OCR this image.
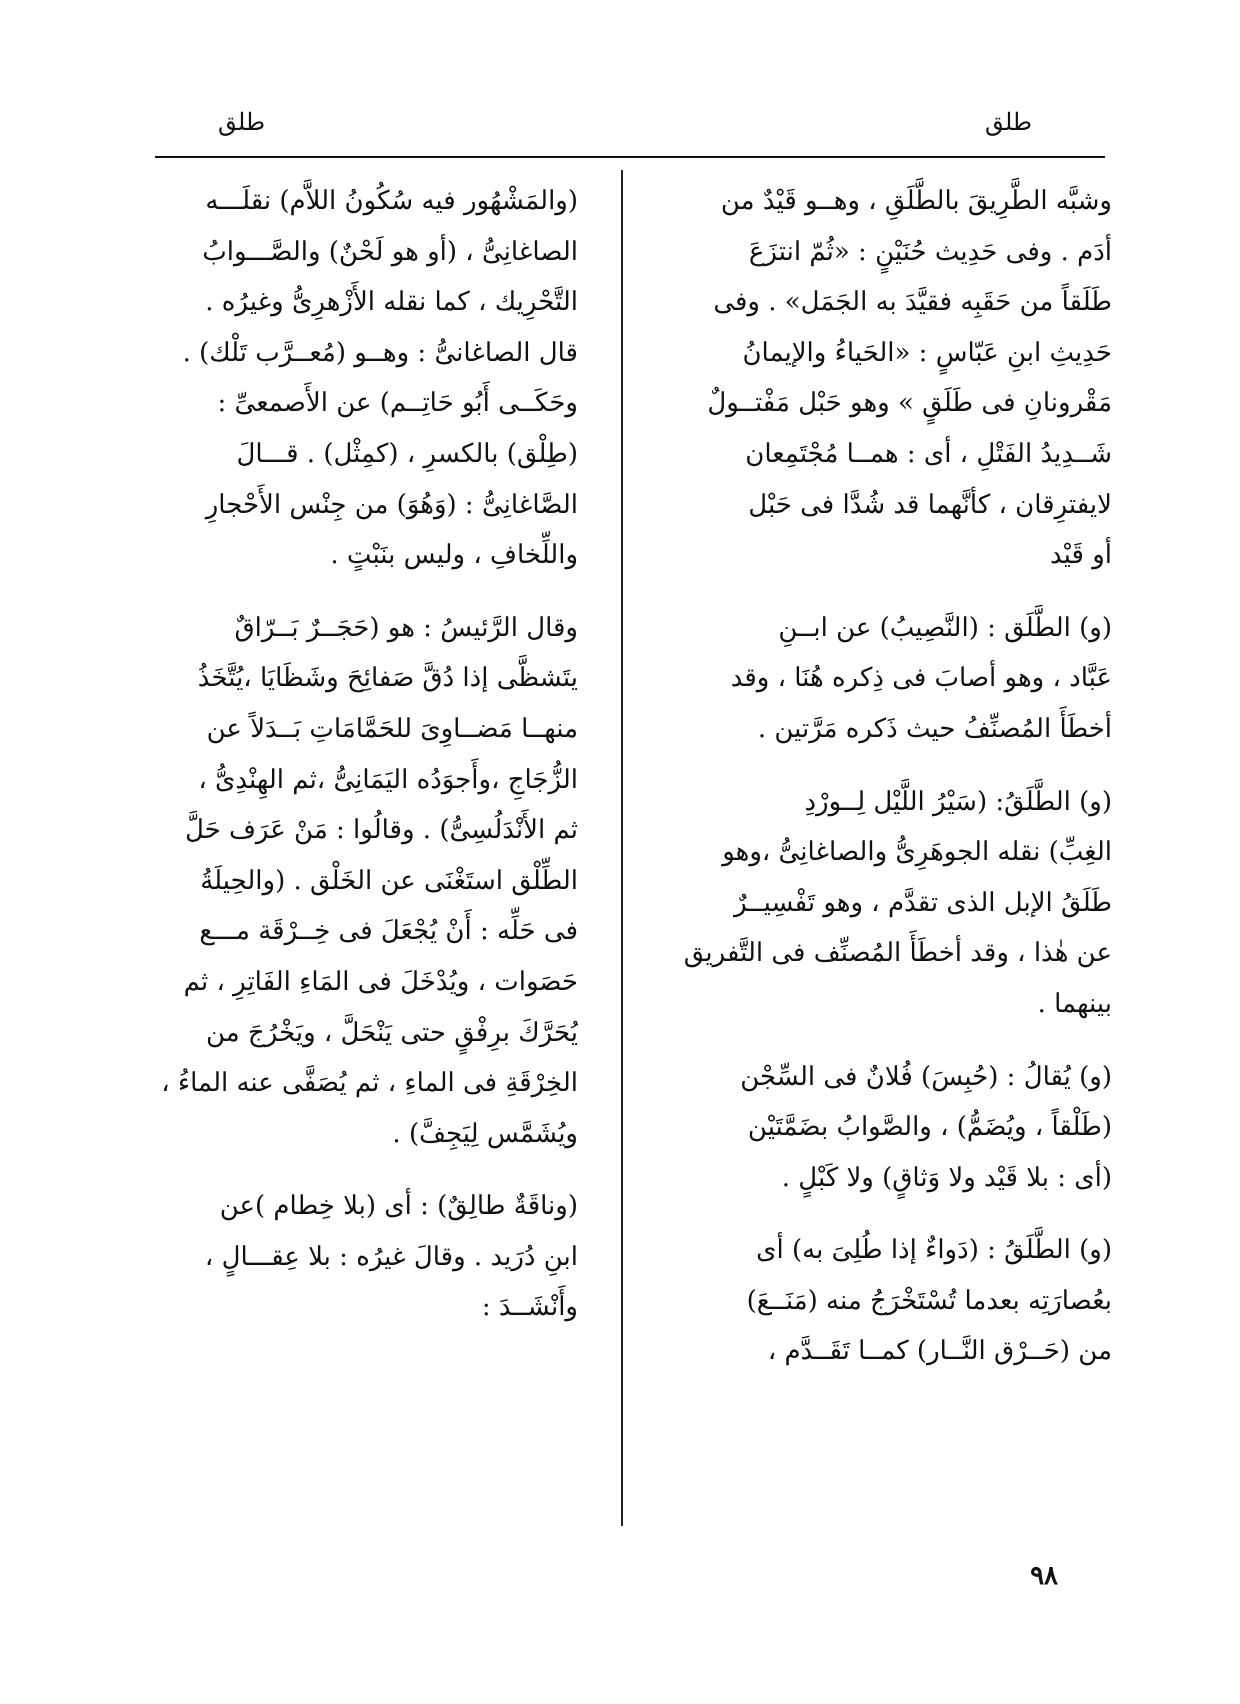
طلق
طلق
وشبَّه الطَّرِيقَ بالطَّلَقِ ، وهــو قَيْدٌ من
أدَم . وفى حَدِيث حُنَيْنٍ : «ثُمّ انتزَعَ
طَلَقاً من حَقَبِه فقيَّدَ به الجَمَل» . وفى
حَدِيثِ ابنِ عَبّاسٍ : «الحَياءُ والإيمانُ
مَقْرونانِ فى طَلَقٍ » وهو حَبْل مَفْتــولٌ
شَــدِيدُ الفَتْلِ ، أى : همــا مُجْتَمِعان
لايفترِقان ، كأنَّهما قد شُدَّا فى حَبْل
أو قَيْد
(و) الطَّلَق : (النَّصِيبُ) عن ابــنِ
عَبَّاد ، وهو أصابَ فى ذِكره هُنَا ، وقد
أخطَأَ المُصنِّفُ حيث ذَكره مَرَّتين .
(و) الطَّلَقُ: (سَيْرُ اللَّيْل لِــورْدِ
الغِبِّ) نقله الجوهَرِىُّ والصاغانِىُّ ،وهو
طَلَقُ الإبل الذى تقدَّم ، وهو تَفْسِيــرٌ
عن هٰذا ، وقد أخطَأَ المُصنِّف فى التَّفريق
بينهما .
(و) يُقالُ : (حُبِسَ) فُلانٌ فى السِّجْن
(طَلْقاً ، ويُضَمُّ) ، والصَّوابُ بضَمَّتَيْن
(أى : بلا قَيْد ولا وَثاقٍ) ولا كَبْلٍ .
(و) الطَّلَقُ : (دَواءٌ إذا طُلِىَ به) أى
بعُصارَتِه بعدما تُسْتَخْرَجُ منه (مَنَــعَ)
من (حَــرْق النَّــار) كمــا تَقَــدَّم ،
(والمَشْهُور فيه سُكُونُ اللاَّم) نقلَـــه
الصاغانِىُّ ، (أو هو لَحْنٌ) والصَّـــوابُ
التَّحْرِيك ، كما نقله الأَزْهرِىُّ وغيرُه .
قال الصاغانىُّ : وهــو (مُعــرَّب تَلْك) .
وحَكَــى أَبُو حَاتِــم) عن الأَصمعىِّ :
(طِلْق) بالكسرِ ، (كمِثْل) . قـــالَ
الصَّاغانِىُّ : (وَهُوَ) من جِنْس الأَحْجارِ
واللِّخافِ ، وليس بنَبْتٍ .
وقال الرَّئيسُ : هو (حَجَــرٌ بَــرّاقٌ
يتَشظَّى إذا دُقَّ صَفائِحَ وشَظَايَا ،يُتَّخَذُ
منهــا مَضــاوِىَ للحَمَّامَاتِ بَــدَلاً عن
الزُّجَاجِ ،وأَجوَدُه اليَمَانِىُّ ،ثم الهِنْدِىُّ ،
ثم الأَنْدَلُسِىُّ) . وقالُوا : مَنْ عَرَف حَلَّ
الطِّلْق استَغْنَى عن الخَلْق . (والحِيلَةُ
فى حَلِّه : أَنْ يُجْعَلَ فى خِــرْقَة مـــع
حَصَوات ، ويُدْخَلَ فى المَاءِ الفَاتِرِ ، ثم
يُحَرَّكَ برِفْقٍ حتى يَنْحَلَّ ، ويَخْرُجَ من
الخِرْقَةِ فى الماءِ ، ثم يُصَفَّى عنه الماءُ ،
ويُشَمَّس لِيَجِفَّ) .
(وناقَةٌ طالِقٌ) : أى (بلا خِطام )عن
ابنِ دُرَيد . وقالَ غيرُه : بلا عِقـــالٍ ،
وأَنْشَــدَ :
٩٨
